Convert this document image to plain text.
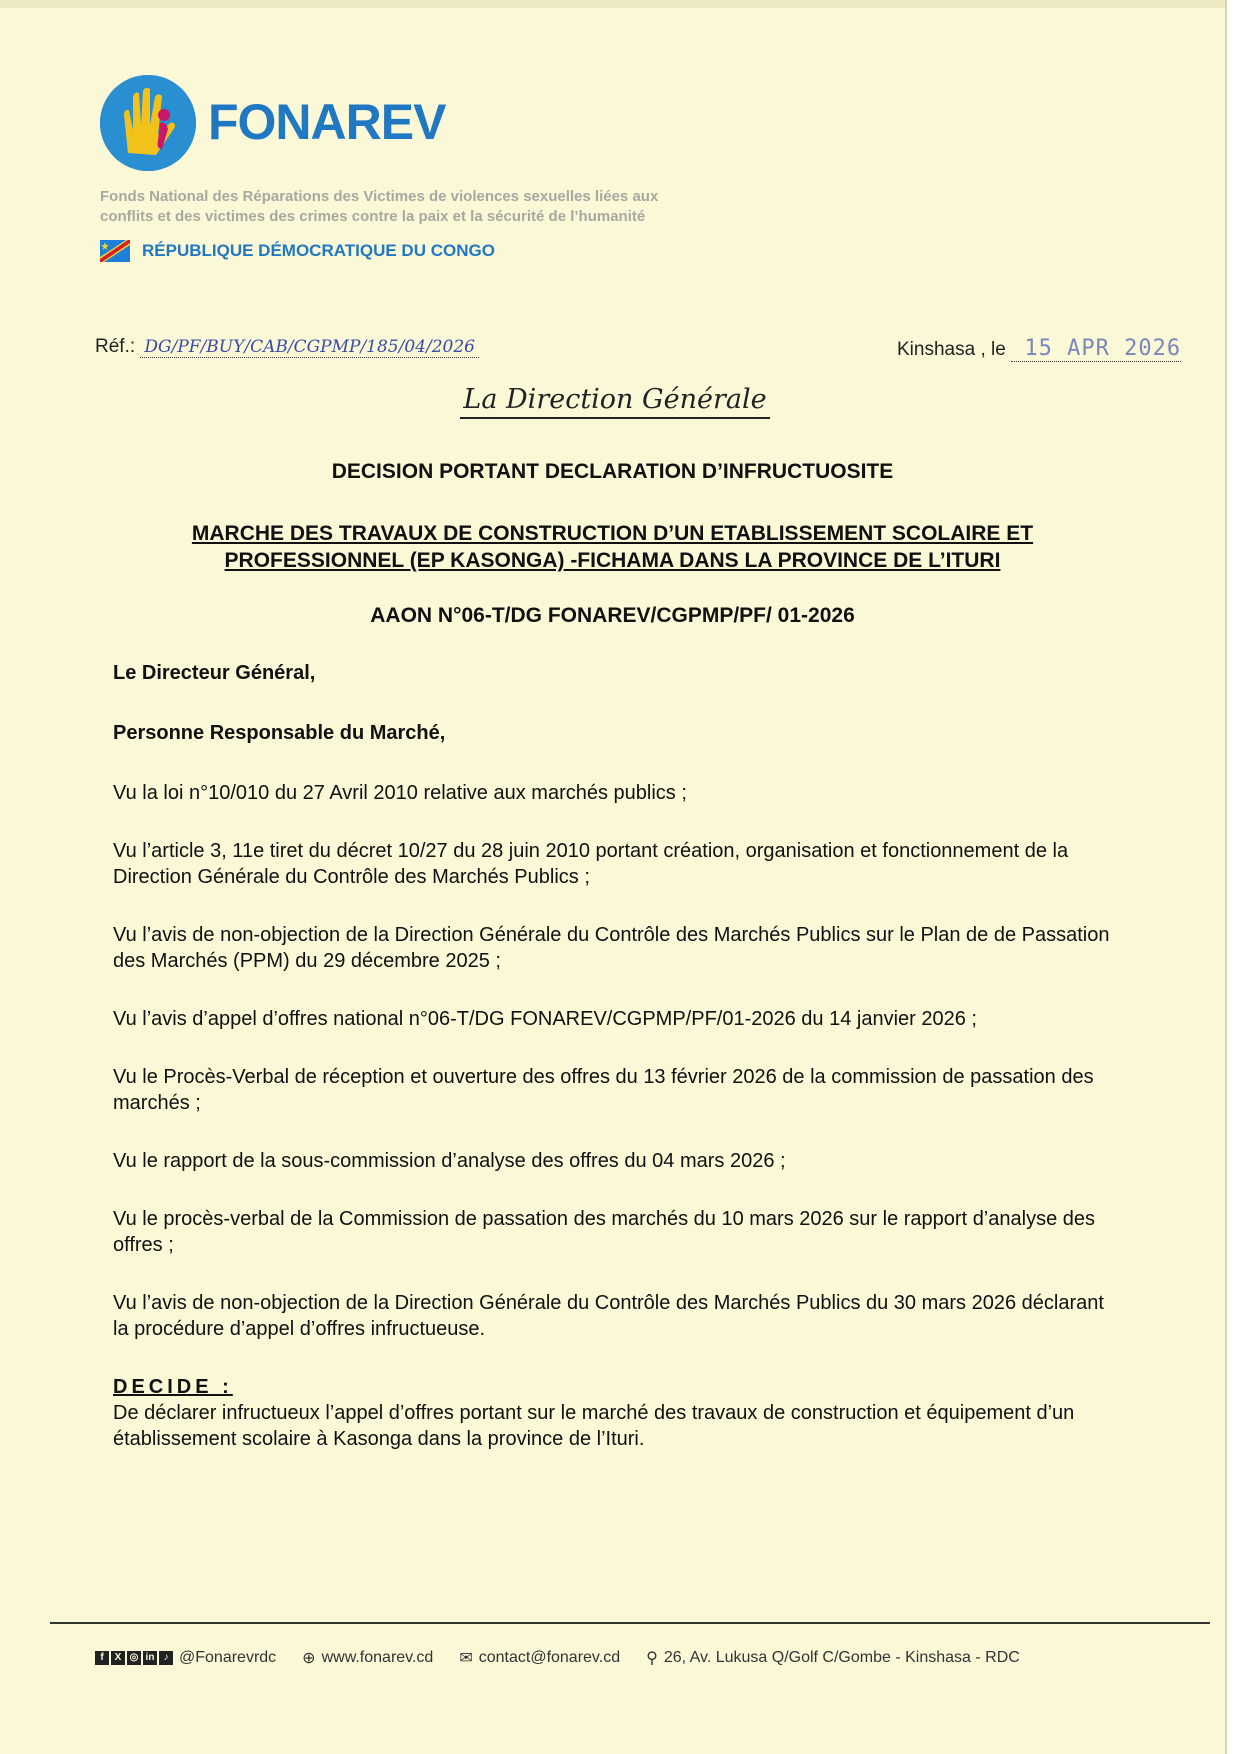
FONAREV
Fonds National des Réparations des Victimes de violences sexuelles liées aux
conflits et des victimes des crimes contre la paix et la sécurité de l’humanité
RÉPUBLIQUE DÉMOCRATIQUE DU CONGO
Réf.: DG/PF/BUY/CAB/CGPMP/185/04/2026	Kinshasa , le 15 APR 2026
La Direction Générale
DECISION PORTANT DECLARATION D’INFRUCTUOSITE
MARCHE DES TRAVAUX DE CONSTRUCTION D’UN ETABLISSEMENT SCOLAIRE ET
PROFESSIONNEL (EP KASONGA) -FICHAMA DANS LA PROVINCE DE L’ITURI
AAON N°06-T/DG FONAREV/CGPMP/PF/ 01-2026

Le Directeur Général,

Personne Responsable du Marché,

Vu la loi n°10/010 du 27 Avril 2010 relative aux marchés publics ;

Vu l’article 3, 11e tiret du décret 10/27 du 28 juin 2010 portant création, organisation et fonctionnement de la Direction Générale du Contrôle des Marchés Publics ;

Vu l’avis de non-objection de la Direction Générale du Contrôle des Marchés Publics sur le Plan de de Passation des Marchés (PPM) du 29 décembre 2025 ;

Vu l’avis d’appel d’offres national n°06-T/DG FONAREV/CGPMP/PF/01-2026 du 14 janvier 2026 ;

Vu le Procès-Verbal de réception et ouverture des offres du 13 février 2026 de la commission de passation des marchés ;

Vu le rapport de la sous-commission d’analyse des offres du 04 mars 2026 ;

Vu le procès-verbal de la Commission de passation des marchés du 10 mars 2026 sur le rapport d’analyse des offres ;

Vu l’avis de non-objection de la Direction Générale du Contrôle des Marchés Publics du 30 mars 2026 déclarant la procédure d’appel d’offres infructueuse.

DECIDE :

De déclarer infructueux l’appel d’offres portant sur le marché des travaux de construction et équipement d’un établissement scolaire à Kasonga dans la province de l’Ituri.

f	X ◎ in ♪ @Fonarevrdc ⊕ www.fonarev.cd ✉ contact@fonarev.cd ⚲ 26, Av. Lukusa Q/Golf C/Gombe - Kinshasa - RDC
